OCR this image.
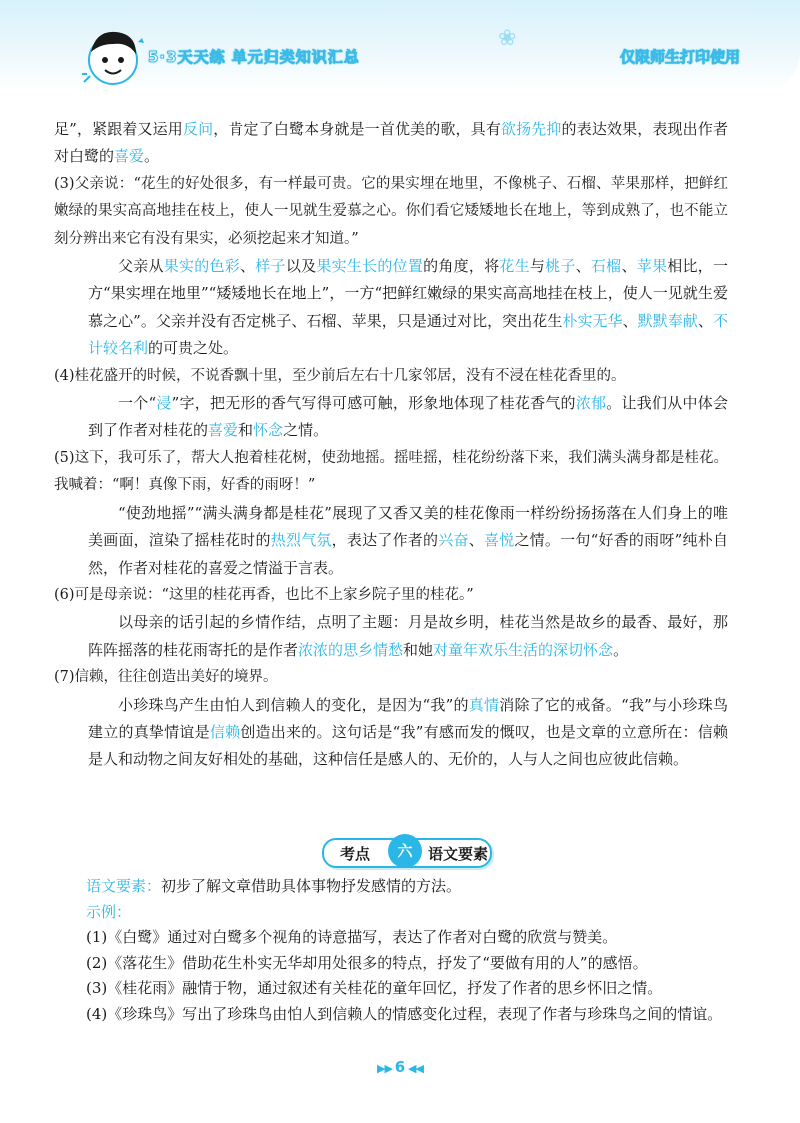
5·3天天练 单元归类知识汇总
❀
仅限师生打印使用

足”，紧跟着又运用反问，肯定了白鹭本身就是一首优美的歌，具有欲扬先抑的表达效果，表现出作者对白鹭的喜爱。

(3)父亲说：“花生的好处很多，有一样最可贵。它的果实埋在地里，不像桃子、石榴、苹果那样，把鲜红嫩绿的果实高高地挂在枝上，使人一见就生爱慕之心。你们看它矮矮地长在地上，等到成熟了，也不能立刻分辨出来它有没有果实，必须挖起来才知道。”

父亲从果实的色彩、样子以及果实生长的位置的角度，将花生与桃子、石榴、苹果相比，一方“果实埋在地里”“矮矮地长在地上”，一方“把鲜红嫩绿的果实高高地挂在枝上，使人一见就生爱慕之心”。父亲并没有否定桃子、石榴、苹果，只是通过对比，突出花生朴实无华、默默奉献、不计较名利的可贵之处。

(4)桂花盛开的时候，不说香飘十里，至少前后左右十几家邻居，没有不浸在桂花香里的。

一个“浸”字，把无形的香气写得可感可触，形象地体现了桂花香气的浓郁。让我们从中体会到了作者对桂花的喜爱和怀念之情。

(5)这下，我可乐了，帮大人抱着桂花树，使劲地摇。摇哇摇，桂花纷纷落下来，我们满头满身都是桂花。我喊着：“啊！真像下雨，好香的雨呀！”

“使劲地摇”“满头满身都是桂花”展现了又香又美的桂花像雨一样纷纷扬扬落在人们身上的唯美画面，渲染了摇桂花时的热烈气氛，表达了作者的兴奋、喜悦之情。一句“好香的雨呀”纯朴自然，作者对桂花的喜爱之情溢于言表。

(6)可是母亲说：“这里的桂花再香，也比不上家乡院子里的桂花。”

以母亲的话引起的乡情作结，点明了主题：月是故乡明，桂花当然是故乡的最香、最好，那阵阵摇落的桂花雨寄托的是作者浓浓的思乡情愁和她对童年欢乐生活的深切怀念。

(7)信赖，往往创造出美好的境界。

小珍珠鸟产生由怕人到信赖人的变化，是因为“我”的真情消除了它的戒备。“我”与小珍珠鸟建立的真挚情谊是信赖创造出来的。这句话是“我”有感而发的慨叹，也是文章的立意所在：信赖是人和动物之间友好相处的基础，这种信任是感人的、无价的，人与人之间也应彼此信赖。

考点	六	语文要素

语文要素：初步了解文章借助具体事物抒发感情的方法。

示例：

(1)《白鹭》通过对白鹭多个视角的诗意描写，表达了作者对白鹭的欣赏与赞美。

(2)《落花生》借助花生朴实无华却用处很多的特点，抒发了“要做有用的人”的感悟。

(3)《桂花雨》融情于物，通过叙述有关桂花的童年回忆，抒发了作者的思乡怀旧之情。

(4)《珍珠鸟》写出了珍珠鸟由怕人到信赖人的情感变化过程，表现了作者与珍珠鸟之间的情谊。

▶▶ 6 ◀◀
